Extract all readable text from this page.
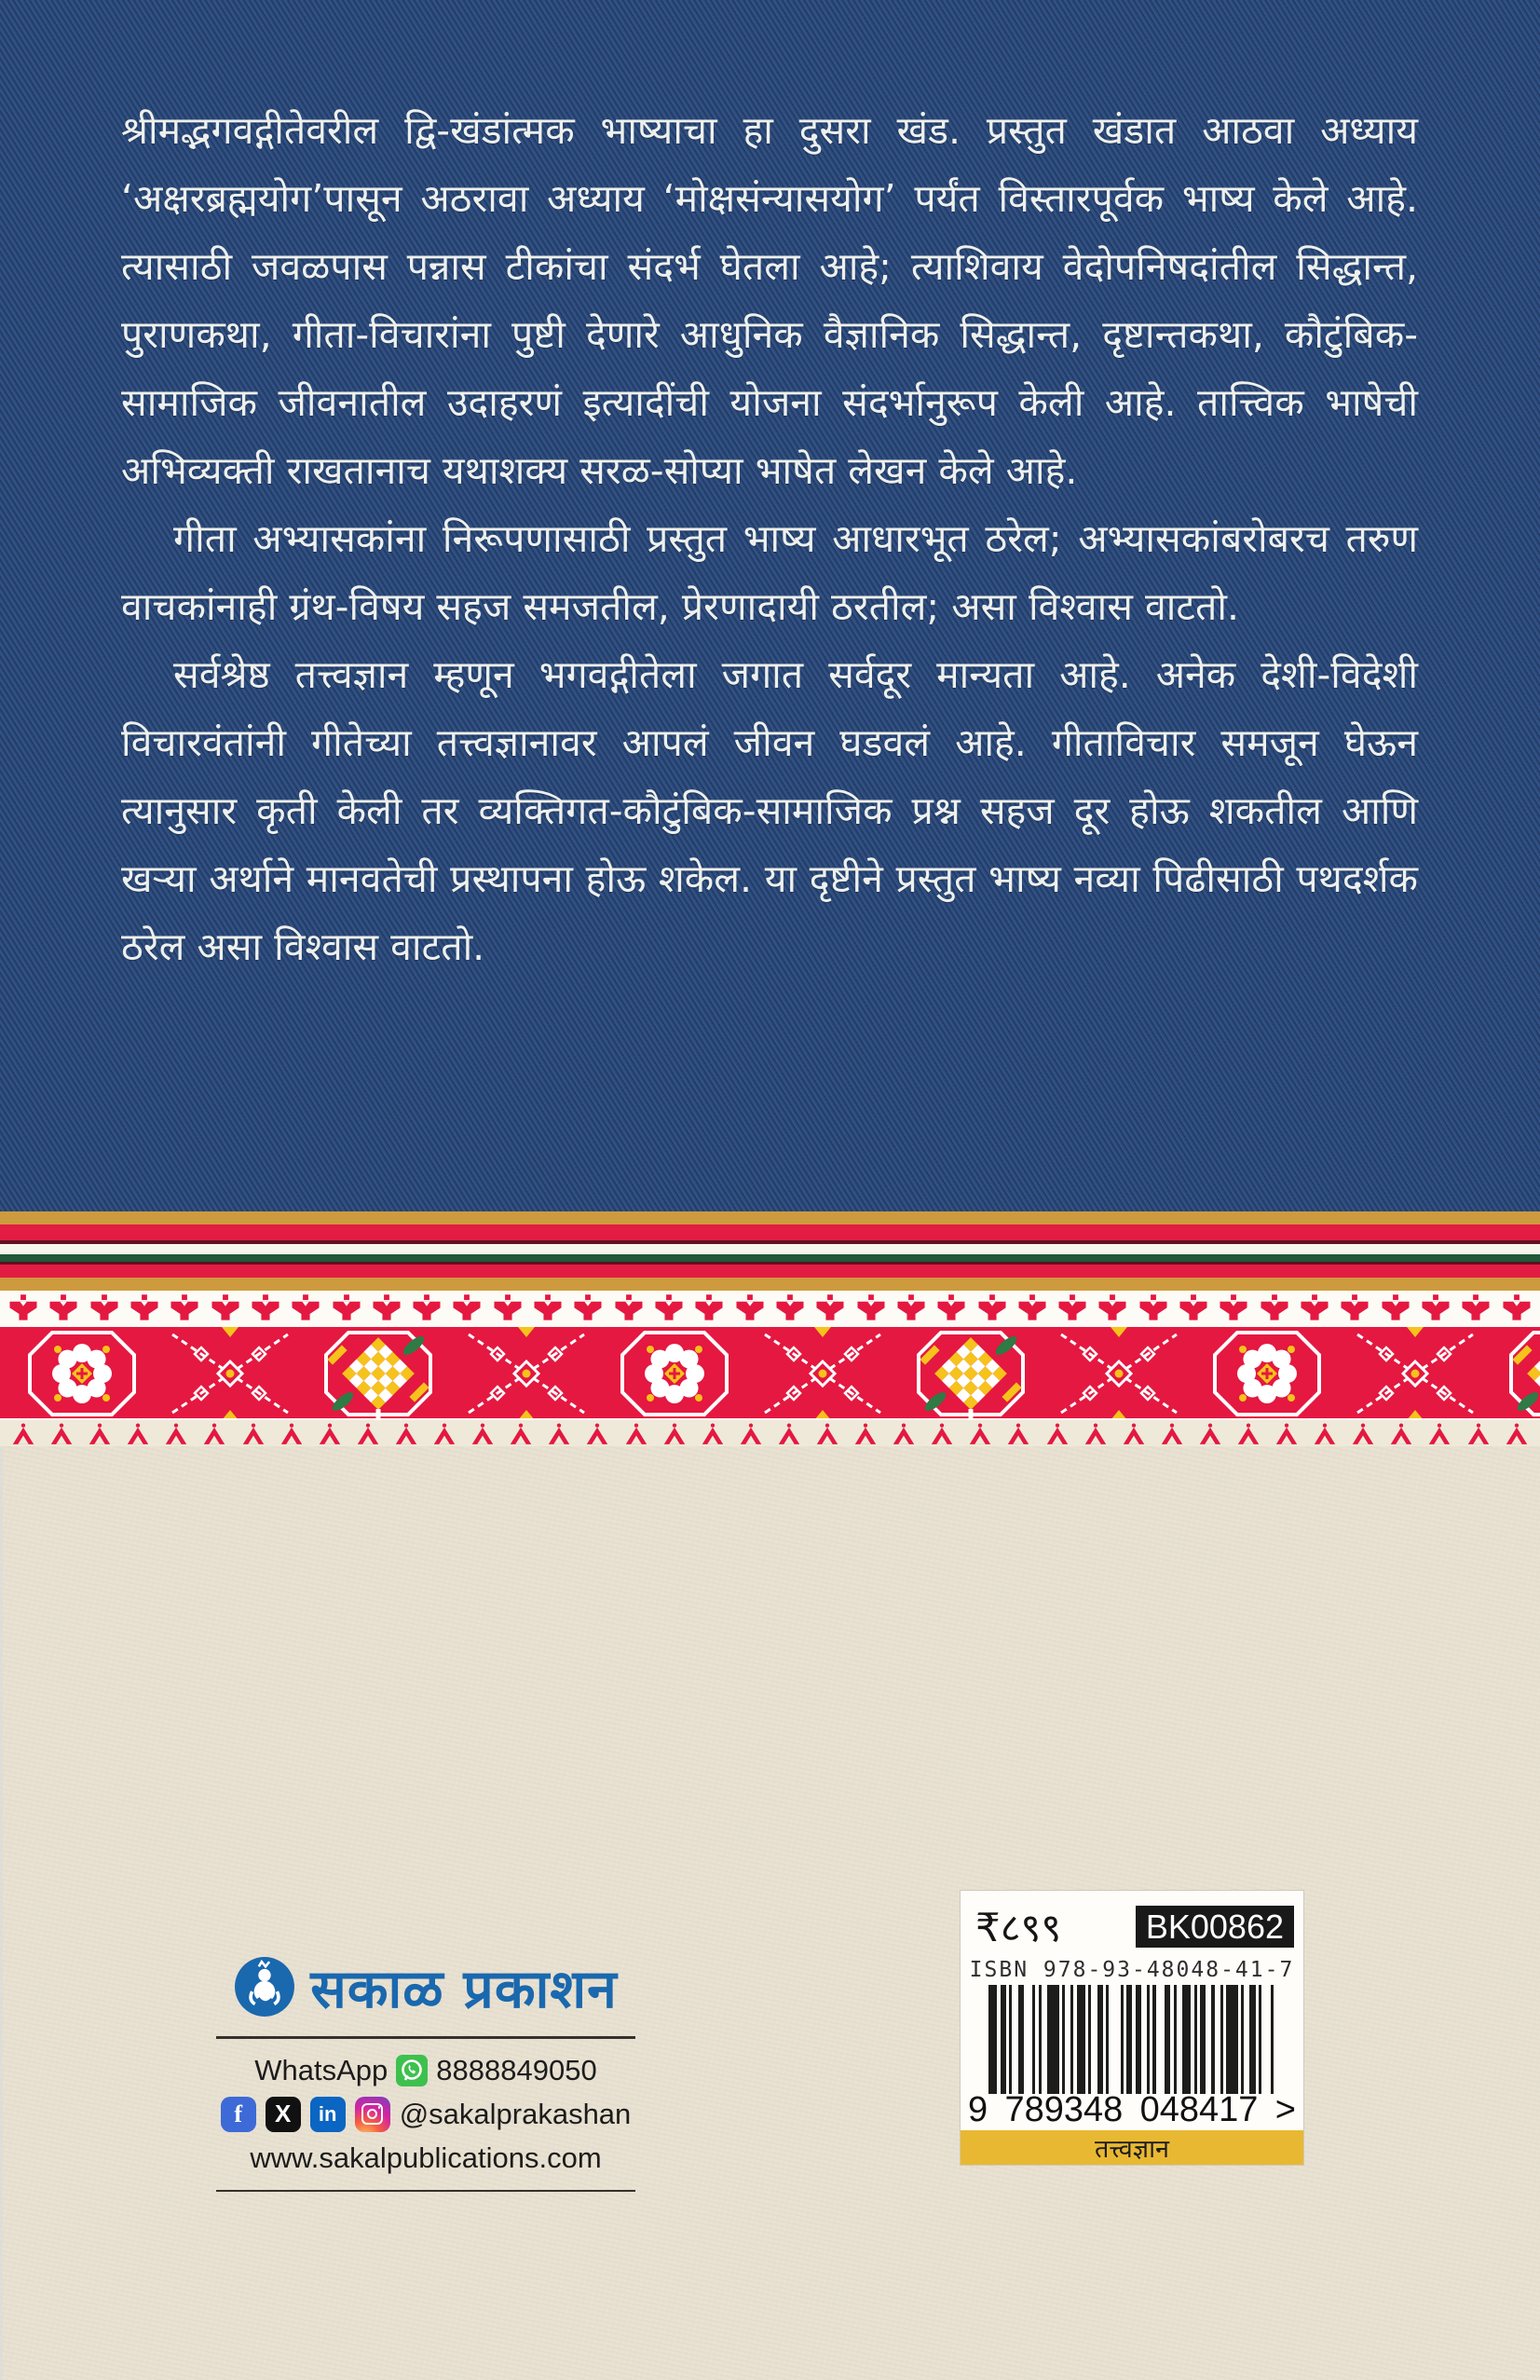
श्रीमद्भगवद्गीतेवरील द्वि-खंडांत्मक भाष्याचा हा दुसरा खंड. प्रस्तुत खंडात आठवा अध्याय ‘अक्षरब्रह्मयोग’पासून अठरावा अध्याय ‘मोक्षसंन्यासयोग’ पर्यंत विस्तारपूर्वक भाष्य केले आहे. त्यासाठी जवळपास पन्नास टीकांचा संदर्भ घेतला आहे; त्याशिवाय वेदोपनिषदांतील सिद्धान्त, पुराणकथा, गीता-विचारांना पुष्टी देणारे आधुनिक वैज्ञानिक सिद्धान्त, दृष्टान्तकथा, कौटुंबिक-सामाजिक जीवनातील उदाहरणं इत्यादींची योजना संदर्भानुरूप केली आहे. तात्त्विक भाषेची अभिव्यक्ती राखतानाच यथाशक्य सरळ-सोप्या भाषेत लेखन केले आहे.

गीता अभ्यासकांना निरूपणासाठी प्रस्तुत भाष्य आधारभूत ठरेल; अभ्यासकांबरोबरच तरुण वाचकांनाही ग्रंथ-विषय सहज समजतील, प्रेरणादायी ठरतील; असा विश्वास वाटतो.

सर्वश्रेष्ठ तत्त्वज्ञान म्हणून भगवद्गीतेला जगात सर्वदूर मान्यता आहे. अनेक देशी-विदेशी विचारवंतांनी गीतेच्या तत्त्वज्ञानावर आपलं जीवन घडवलं आहे. गीताविचार समजून घेऊन त्यानुसार कृती केली तर व्यक्तिगत-कौटुंबिक-सामाजिक प्रश्न सहज दूर होऊ शकतील आणि खऱ्या अर्थाने मानवतेची प्रस्थापना होऊ शकेल. या दृष्टीने प्रस्तुत भाष्य नव्या पिढीसाठी पथदर्शक ठरेल असा विश्वास वाटतो.

सकाळ प्रकाशन
WhatsApp 8888849050
f X in @sakalprakashan
www.sakalpublications.com
₹८९९	BK00862
ISBN 978-93-48048-41-7
9 789348 048417 >
तत्त्वज्ञान
